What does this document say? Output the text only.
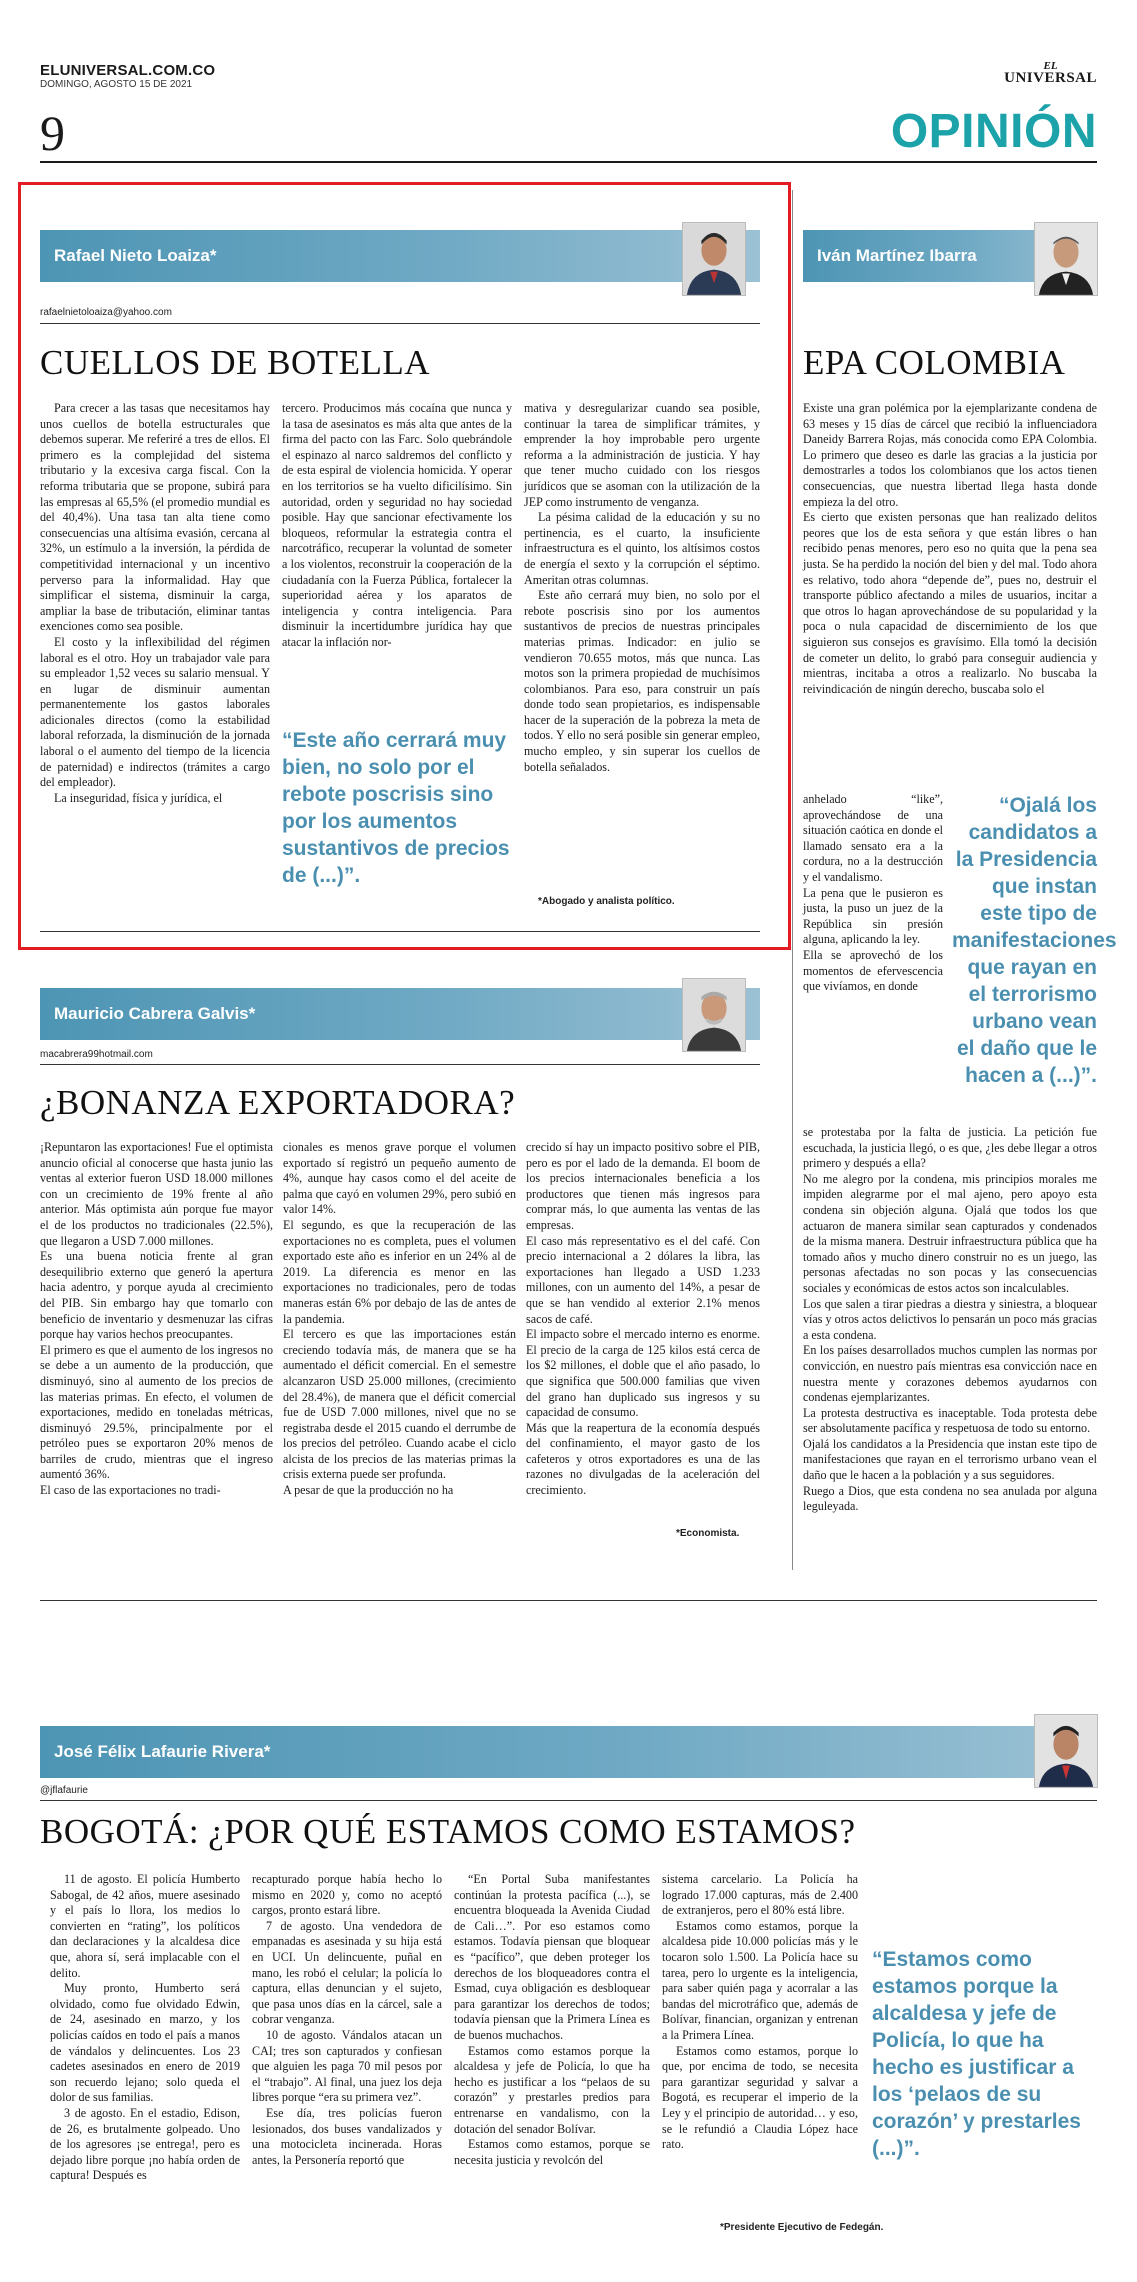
ELUNIVERSAL.COM.CO
DOMINGO, AGOSTO 15 DE 2021
EL
UNIVERSAL
9	OPINIÓN
Rafael Nieto Loaiza*
rafaelnietoloaiza@yahoo.com
CUELLOS DE BOTELLA

Para crecer a las tasas que necesitamos hay unos cuellos de botella estructurales que debemos superar. Me referiré a tres de ellos. El primero es la complejidad del sistema tributario y la excesiva carga fiscal. Con la reforma tributaria que se propone, subirá para las empresas al 65,5% (el promedio mundial es del 40,4%). Una tasa tan alta tiene como consecuencias una altísima evasión, cercana al 32%, un estímulo a la inversión, la pérdida de competitividad internacional y un incentivo perverso para la informalidad. Hay que simplificar el sistema, disminuir la carga, ampliar la base de tributación, eliminar tantas exenciones como sea posible.

El costo y la inflexibilidad del régimen laboral es el otro. Hoy un trabajador vale para su empleador 1,52 veces su salario mensual. Y en lugar de disminuir aumentan permanentemente los gastos laborales adicionales directos (como la estabilidad laboral reforzada, la disminución de la jornada laboral o el aumento del tiempo de la licencia de paternidad) e indirectos (trámites a cargo del empleador).

La inseguridad, física y jurídica, el

tercero. Producimos más cocaína que nunca y la tasa de asesinatos es más alta que antes de la firma del pacto con las Farc. Solo quebrándole el espinazo al narco saldremos del conflicto y de esta espiral de violencia homicida. Y operar en los territorios se ha vuelto dificilísimo. Sin autoridad, orden y seguridad no hay sociedad posible. Hay que sancionar efectivamente los bloqueos, reformular la estrategia contra el narcotráfico, recuperar la voluntad de someter a los violentos, reconstruir la cooperación de la ciudadanía con la Fuerza Pública, fortalecer la superioridad aérea y los aparatos de inteligencia y contra inteligencia. Para disminuir la incertidumbre jurídica hay que atacar la inflación nor-

“Este año cerrará muy bien, no solo por el rebote poscrisis sino por los aumentos sustantivos de precios de (...)”.

mativa y desregularizar cuando sea posible, continuar la tarea de simplificar trámites, y emprender la hoy improbable pero urgente reforma a la administración de justicia. Y hay que tener mucho cuidado con los riesgos jurídicos que se asoman con la utilización de la JEP como instrumento de venganza.

La pésima calidad de la educación y su no pertinencia, es el cuarto, la insuficiente infraestructura es el quinto, los altísimos costos de energía el sexto y la corrupción el séptimo. Ameritan otras columnas.

Este año cerrará muy bien, no solo por el rebote poscrisis sino por los aumentos sustantivos de precios de nuestras principales materias primas. Indicador: en julio se vendieron 70.655 motos, más que nunca. Las motos son la primera propiedad de muchísimos colombianos. Para eso, para construir un país donde todo sean propietarios, es indispensable hacer de la superación de la pobreza la meta de todos. Y ello no será posible sin generar empleo, mucho empleo, y sin superar los cuellos de botella señalados.

*Abogado y analista político.
Iván Martínez Ibarra
EPA COLOMBIA

Existe una gran polémica por la ejemplarizante condena de 63 meses y 15 días de cárcel que recibió la influenciadora Daneidy Barrera Rojas, más conocida como EPA Colombia. Lo primero que deseo es darle las gracias a la justicia por demostrarles a todos los colombianos que los actos tienen consecuencias, que nuestra libertad llega hasta donde empieza la del otro.

Es cierto que existen personas que han realizado delitos peores que los de esta señora y que están libres o han recibido penas menores, pero eso no quita que la pena sea justa. Se ha perdido la noción del bien y del mal. Todo ahora es relativo, todo ahora “depende de”, pues no, destruir el transporte público afectando a miles de usuarios, incitar a que otros lo hagan aprovechándose de su popularidad y la poca o nula capacidad de discernimiento de los que siguieron sus consejos es gravísimo. Ella tomó la decisión de cometer un delito, lo grabó para conseguir audiencia y mientras, incitaba a otros a realizarlo. No buscaba la reivindicación de ningún derecho, buscaba solo el

anhelado “like”, aprovechándose de una situación caótica en donde el llamado sensato era a la cordura, no a la destrucción y el vandalismo.

La pena que le pusieron es justa, la puso un juez de la República sin presión alguna, aplicando la ley.

Ella se aprovechó de los momentos de efervescencia que vivíamos, en donde

“Ojalá los candidatos a la Presidencia que instan este tipo de manifestaciones que rayan en el terrorismo urbano vean el daño que le hacen a (...)”.

se protestaba por la falta de justicia. La petición fue escuchada, la justicia llegó, o es que, ¿les debe llegar a otros primero y después a ella?

No me alegro por la condena, mis principios morales me impiden alegrarme por el mal ajeno, pero apoyo esta condena sin objeción alguna. Ojalá que todos los que actuaron de manera similar sean capturados y condenados de la misma manera. Destruir infraestructura pública que ha tomado años y mucho dinero construir no es un juego, las personas afectadas no son pocas y las consecuencias sociales y económicas de estos actos son incalculables.

Los que salen a tirar piedras a diestra y siniestra, a bloquear vías y otros actos delictivos lo pensarán un poco más gracias a esta condena.

En los países desarrollados muchos cumplen las normas por convicción, en nuestro país mientras esa convicción nace en nuestra mente y corazones debemos ayudarnos con condenas ejemplarizantes.

La protesta destructiva es inaceptable. Toda protesta debe ser absolutamente pacífica y respetuosa de todo su entorno.

Ojalá los candidatos a la Presidencia que instan este tipo de manifestaciones que rayan en el terrorismo urbano vean el daño que le hacen a la población y a sus seguidores.

Ruego a Dios, que esta condena no sea anulada por alguna leguleyada.

Mauricio Cabrera Galvis*
macabrera99hotmail.com
¿BONANZA EXPORTADORA?

¡Repuntaron las exportaciones! Fue el optimista anuncio oficial al conocerse que hasta junio las ventas al exterior fueron USD 18.000 millones con un crecimiento de 19% frente al año anterior. Más optimista aún porque fue mayor el de los productos no tradicionales (22.5%), que llegaron a USD 7.000 millones.

Es una buena noticia frente al gran desequilibrio externo que generó la apertura hacia adentro, y porque ayuda al crecimiento del PIB. Sin embargo hay que tomarlo con beneficio de inventario y desmenuzar las cifras porque hay varios hechos preocupantes.

El primero es que el aumento de los ingresos no se debe a un aumento de la producción, que disminuyó, sino al aumento de los precios de las materias primas. En efecto, el volumen de exportaciones, medido en toneladas métricas, disminuyó 29.5%, principalmente por el petróleo pues se exportaron 20% menos de barriles de crudo, mientras que el ingreso aumentó 36%.

El caso de las exportaciones no tradi-

cionales es menos grave porque el volumen exportado sí registró un pequeño aumento de 4%, aunque hay casos como el del aceite de palma que cayó en volumen 29%, pero subió en valor 14%.

El segundo, es que la recuperación de las exportaciones no es completa, pues el volumen exportado este año es inferior en un 24% al de 2019. La diferencia es menor en las exportaciones no tradicionales, pero de todas maneras están 6% por debajo de las de antes de la pandemia.

El tercero es que las importaciones están creciendo todavía más, de manera que se ha aumentado el déficit comercial. En el semestre alcanzaron USD 25.000 millones, (crecimiento del 28.4%), de manera que el déficit comercial fue de USD 7.000 millones, nivel que no se registraba desde el 2015 cuando el derrumbe de los precios del petróleo. Cuando acabe el ciclo alcista de los precios de las materias primas la crisis externa puede ser profunda.

A pesar de que la producción no ha

crecido sí hay un impacto positivo sobre el PIB, pero es por el lado de la demanda. El boom de los precios internacionales beneficia a los productores que tienen más ingresos para comprar más, lo que aumenta las ventas de las empresas.

El caso más representativo es el del café. Con precio internacional a 2 dólares la libra, las exportaciones han llegado a USD 1.233 millones, con un aumento del 14%, a pesar de que se han vendido al exterior 2.1% menos sacos de café.

El impacto sobre el mercado interno es enorme. El precio de la carga de 125 kilos está cerca de los $2 millones, el doble que el año pasado, lo que significa que 500.000 familias que viven del grano han duplicado sus ingresos y su capacidad de consumo.

Más que la reapertura de la economía después del confinamiento, el mayor gasto de los cafeteros y otros exportadores es una de las razones no divulgadas de la aceleración del crecimiento.

*Economista.
José Félix Lafaurie Rivera*
@jflafaurie
BOGOTÁ: ¿POR QUÉ ESTAMOS COMO ESTAMOS?

11 de agosto. El policía Humberto Sabogal, de 42 años, muere asesinado y el país lo llora, los medios lo convierten en “rating”, los políticos dan declaraciones y la alcaldesa dice que, ahora sí, será implacable con el delito.

Muy pronto, Humberto será olvidado, como fue olvidado Edwin, de 24, asesinado en marzo, y los policías caídos en todo el país a manos de vándalos y delincuentes. Los 23 cadetes asesinados en enero de 2019 son recuerdo lejano; solo queda el dolor de sus familias.

3 de agosto. En el estadio, Edison, de 26, es brutalmente golpeado. Uno de los agresores ¡se entrega!, pero es dejado libre porque ¡no había orden de captura! Después es

recapturado porque había hecho lo mismo en 2020 y, como no aceptó cargos, pronto estará libre.

7 de agosto. Una vendedora de empanadas es asesinada y su hija está en UCI. Un delincuente, puñal en mano, les robó el celular; la policía lo captura, ellas denuncian y el sujeto, que pasa unos días en la cárcel, sale a cobrar venganza.

10 de agosto. Vándalos atacan un CAI; tres son capturados y confiesan que alguien les paga 70 mil pesos por el “trabajo”. Al final, una juez los deja libres porque “era su primera vez”.

Ese día, tres policías fueron lesionados, dos buses vandalizados y una motocicleta incinerada. Horas antes, la Personería reportó que

“En Portal Suba manifestantes continúan la protesta pacífica (...), se encuentra bloqueada la Avenida Ciudad de Cali…”. Por eso estamos como estamos. Todavía piensan que bloquear es “pacífico”, que deben proteger los derechos de los bloqueadores contra el Esmad, cuya obligación es desbloquear para garantizar los derechos de todos; todavía piensan que la Primera Línea es de buenos muchachos.

Estamos como estamos porque la alcaldesa y jefe de Policía, lo que ha hecho es justificar a los “pelaos de su corazón” y prestarles predios para entrenarse en vandalismo, con la dotación del senador Bolívar.

Estamos como estamos, porque se necesita justicia y revolcón del

sistema carcelario. La Policía ha logrado 17.000 capturas, más de 2.400 de extranjeros, pero el 80% está libre.

Estamos como estamos, porque la alcaldesa pide 10.000 policías más y le tocaron solo 1.500. La Policía hace su tarea, pero lo urgente es la inteligencia, para saber quién paga y acorralar a las bandas del microtráfico que, además de Bolívar, financian, organizan y entrenan a la Primera Línea.

Estamos como estamos, porque lo que, por encima de todo, se necesita para garantizar seguridad y salvar a Bogotá, es recuperar el imperio de la Ley y el principio de autoridad… y eso, se le refundió a Claudia López hace rato.

*Presidente Ejecutivo de Fedegán.
“Estamos como estamos porque la alcaldesa y jefe de Policía, lo que ha hecho es justificar a los ‘pelaos de su corazón’ y prestarles (...)”.
